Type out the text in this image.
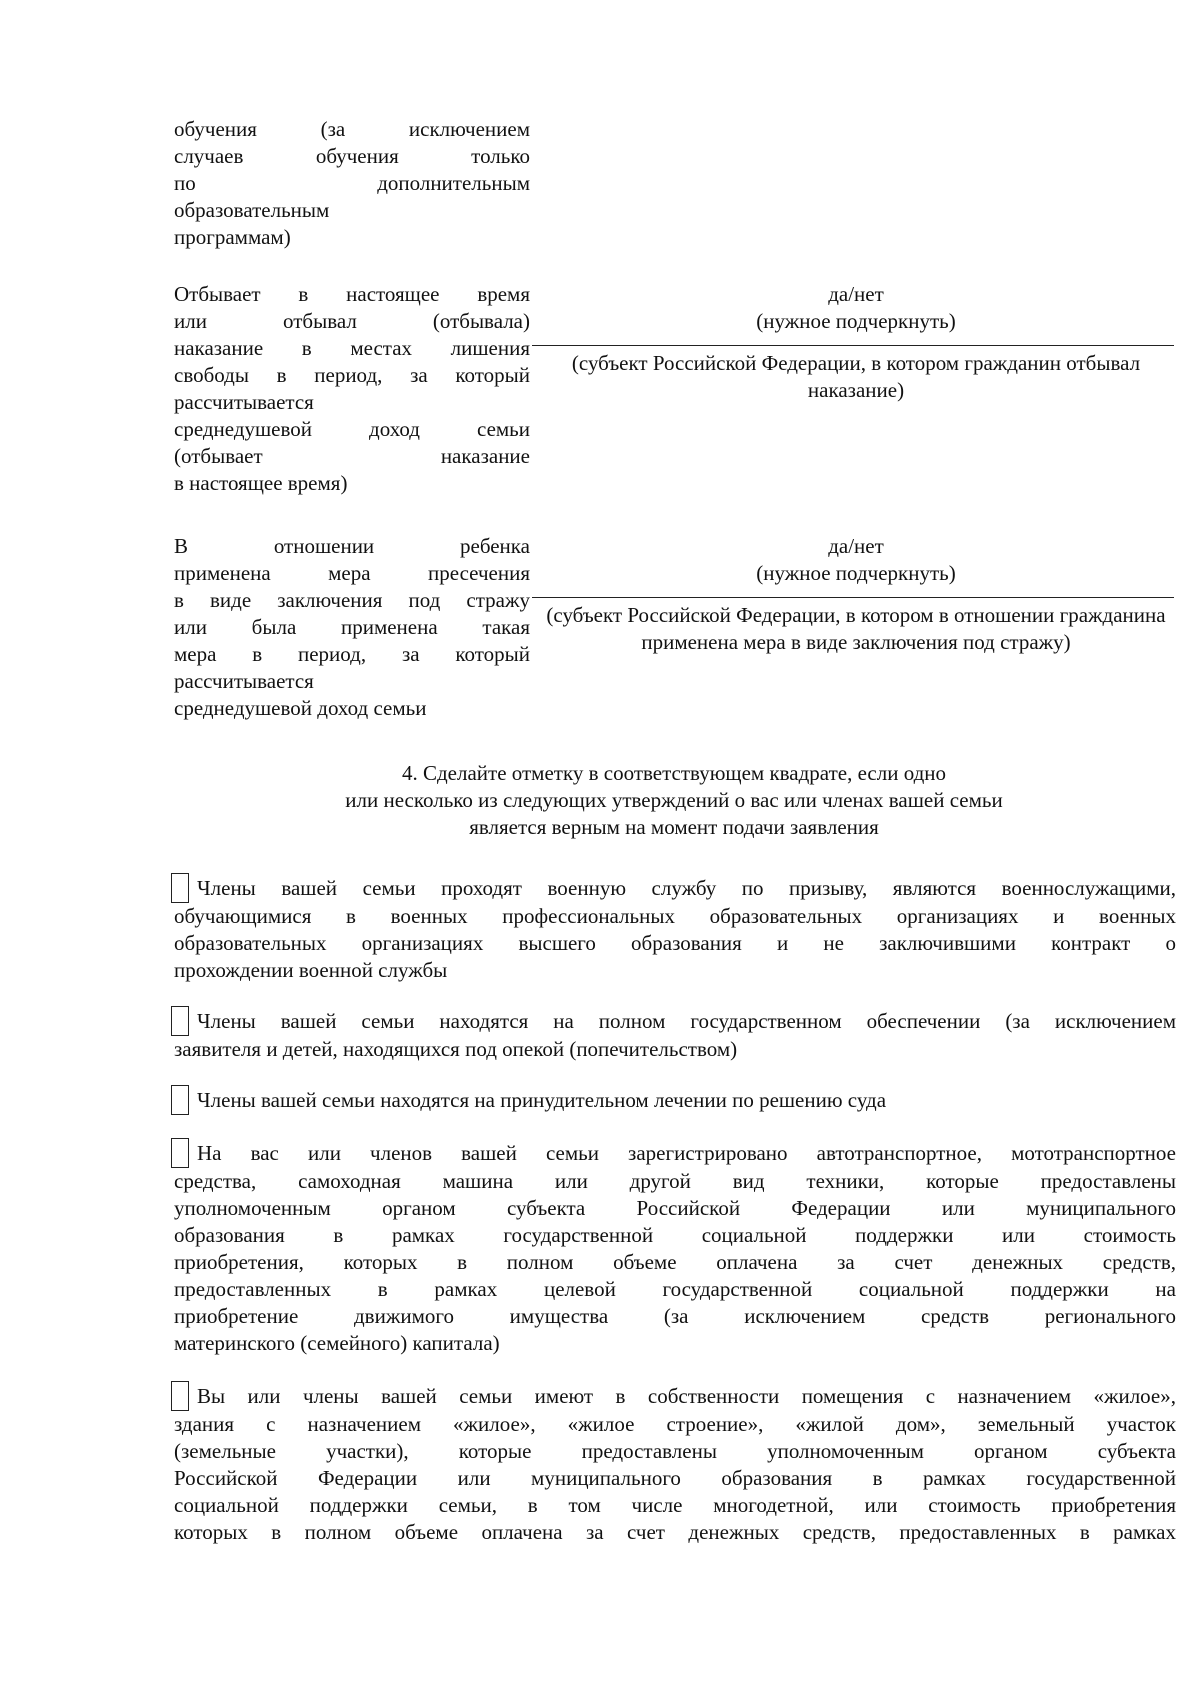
обучения (за исключением
случаев обучения только
по дополнительным
образовательным
программам)
Отбывает в настоящее время
или отбывал (отбывала)
наказание в местах лишения
свободы в период, за который
рассчитывается
среднедушевой доход семьи
(отбывает наказание
в настоящее время)
да/нет
(нужное подчеркнуть)
(субъект Российской Федерации, в котором гражданин отбывал наказание)
В отношении ребенка
применена мера пресечения
в виде заключения под стражу
или была применена такая
мера в период, за который
рассчитывается
среднедушевой доход семьи
да/нет
(нужное подчеркнуть)
(субъект Российской Федерации, в котором в отношении гражданина применена мера в виде заключения под стражу)
4. Сделайте отметку в соответствующем квадрате, если одно
или несколько из следующих утверждений о вас или членах вашей семьи
является верным на момент подачи заявления
Члены вашей семьи проходят военную службу по призыву, являются военнослужащими,
обучающимися в военных профессиональных образовательных организациях и военных
образовательных организациях высшего образования и не заключившими контракт о
прохождении военной службы
Члены вашей семьи находятся на полном государственном обеспечении (за исключением
заявителя и детей, находящихся под опекой (попечительством)
Члены вашей семьи находятся на принудительном лечении по решению суда
На вас или членов вашей семьи зарегистрировано автотранспортное, мототранспортное
средства, самоходная машина или другой вид техники, которые предоставлены
уполномоченным органом субъекта Российской Федерации или муниципального
образования в рамках государственной социальной поддержки или стоимость
приобретения, которых в полном объеме оплачена за счет денежных средств,
предоставленных в рамках целевой государственной социальной поддержки на
приобретение движимого имущества (за исключением средств регионального
материнского (семейного) капитала)
Вы или члены вашей семьи имеют в собственности помещения с назначением «жилое»,
здания с назначением «жилое», «жилое строение», «жилой дом», земельный участок
(земельные участки), которые предоставлены уполномоченным органом субъекта
Российской Федерации или муниципального образования в рамках государственной
социальной поддержки семьи, в том числе многодетной, или стоимость приобретения
которых в полном объеме оплачена за счет денежных средств, предоставленных в рамках
